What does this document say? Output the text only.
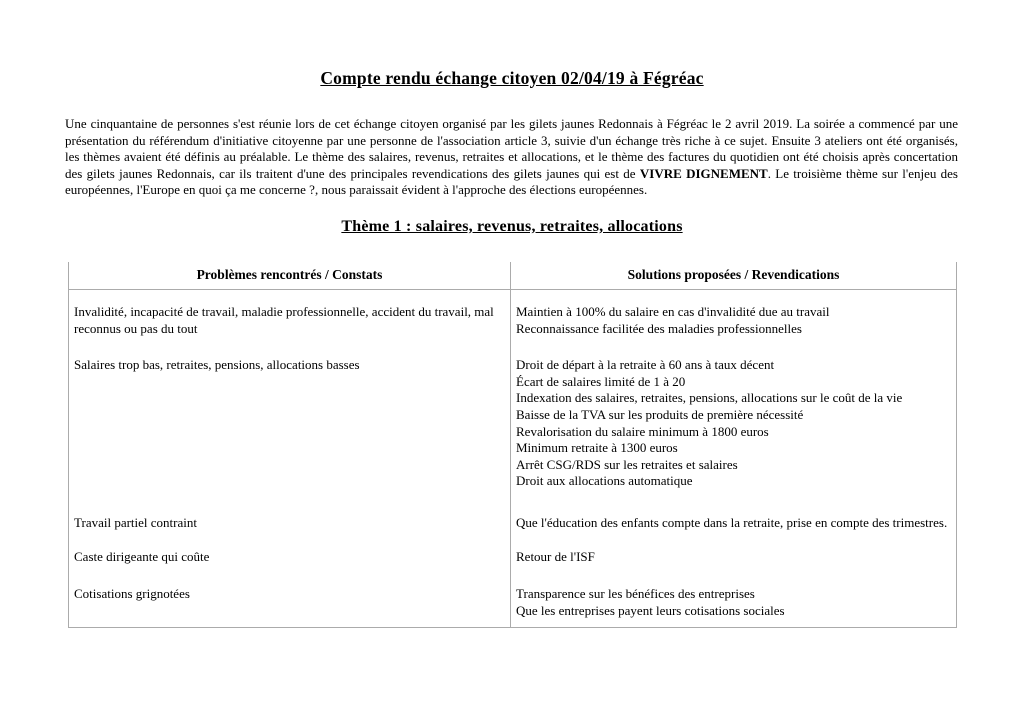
Compte rendu échange citoyen 02/04/19 à Fégréac

Une cinquantaine de personnes s'est réunie lors de cet échange citoyen organisé par les gilets jaunes Redonnais à Fégréac le 2 avril 2019. La soirée a commencé par une présentation du référendum d'initiative citoyenne par une personne de l'association article 3, suivie d'un échange très riche à ce sujet. Ensuite 3 ateliers ont été organisés, les thèmes avaient été définis au préalable. Le thème des salaires, revenus, retraites et allocations, et le thème des factures du quotidien ont été choisis après concertation des gilets jaunes Redonnais, car ils traitent d'une des principales revendications des gilets jaunes qui est de VIVRE DIGNEMENT. Le troisième thème sur l'enjeu des européennes, l'Europe en quoi ça me concerne ?, nous paraissait évident à l'approche des élections européennes.

Thème 1 : salaires, revenus, retraites, allocations
Problèmes rencontrés / Constats	Solutions proposées / Revendications

Invalidité, incapacité de travail, maladie professionnelle, accident du travail, mal reconnus ou pas du tout	Maintien à 100% du salaire en cas d'invalidité due au travail
Reconnaissance facilitée des maladies professionnelles

Salaires trop bas, retraites, pensions, allocations basses	Droit de départ à la retraite à 60 ans à taux décent
Écart de salaires limité de 1 à 20
Indexation des salaires, retraites, pensions, allocations sur le coût de la vie
Baisse de la TVA sur les produits de première nécessité
Revalorisation du salaire minimum à 1800 euros
Minimum retraite à 1300 euros
Arrêt CSG/RDS sur les retraites et salaires
Droit aux allocations automatique

Travail partiel contraint	Que l'éducation des enfants compte dans la retraite, prise en compte des trimestres.

Caste dirigeante qui coûte	Retour de l'ISF

Cotisations grignotées	Transparence sur les bénéfices des entreprises
Que les entreprises payent leurs cotisations sociales
